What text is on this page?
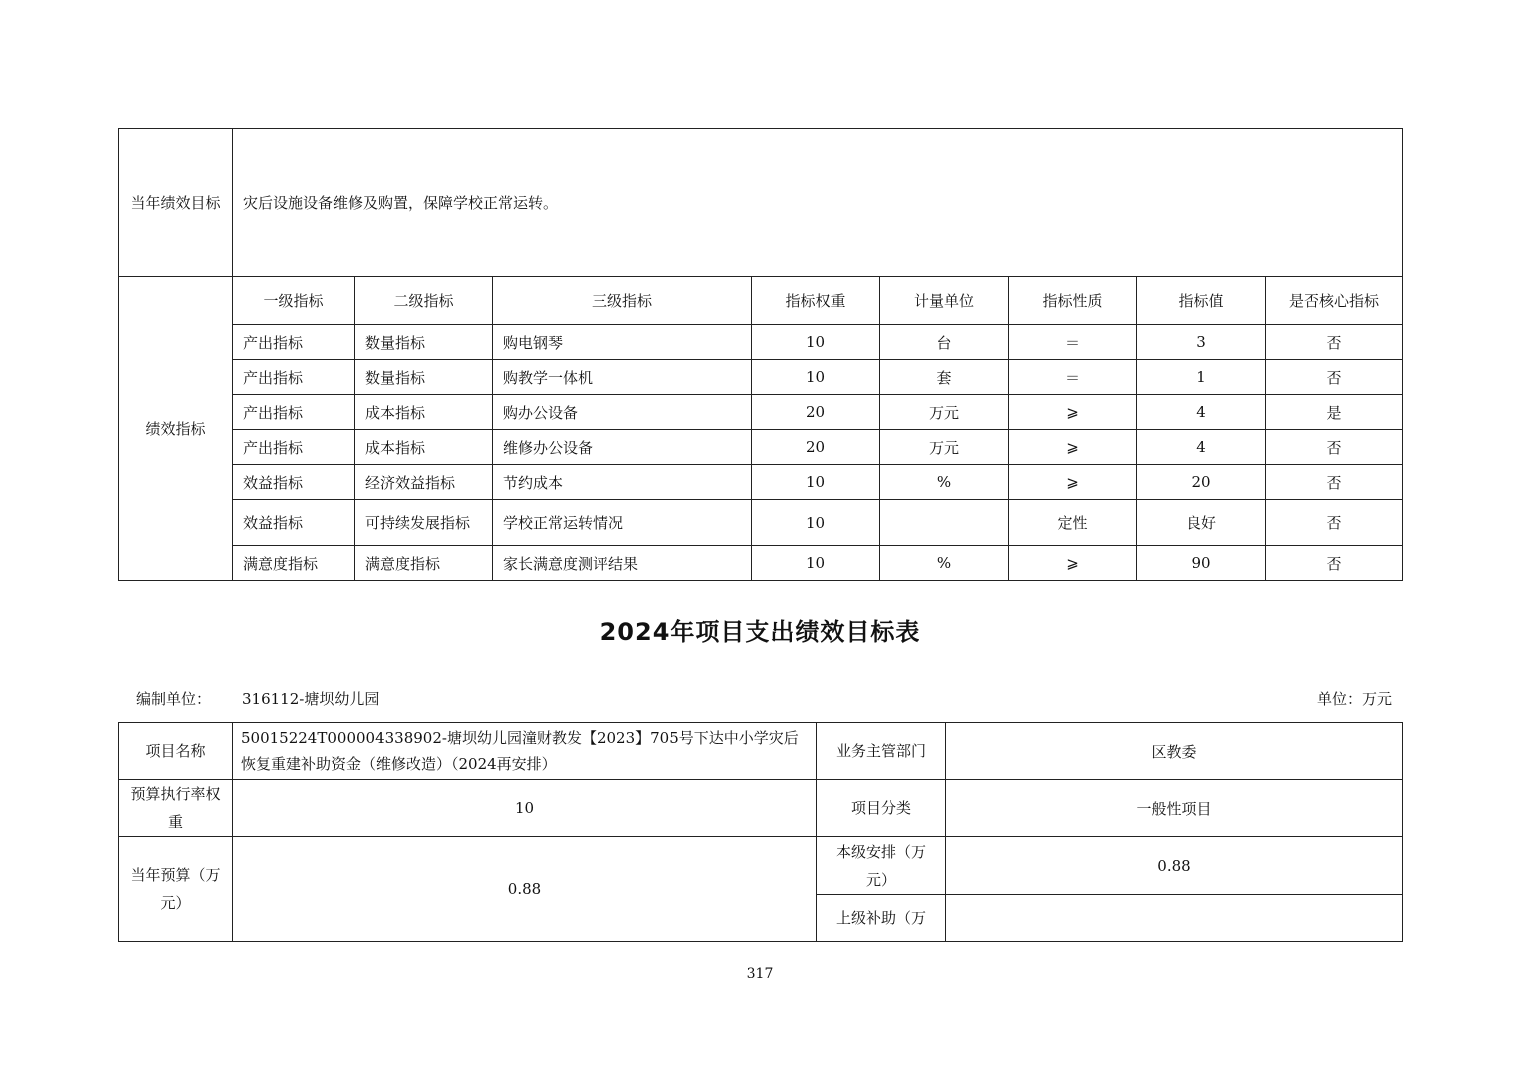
当年绩效目标	灾后设施设备维修及购置，保障学校正常运转。							
绩效指标	一级指标	二级指标	三级指标	指标权重	计量单位	指标性质	指标值	是否核心指标
	产出指标	数量指标	购电钢琴	10	台	＝	3	否
	产出指标	数量指标	购教学一体机	10	套	＝	1	否
	产出指标	成本指标	购办公设备	20	万元	⩾	4	是
	产出指标	成本指标	维修办公设备	20	万元	⩾	4	否
	效益指标	经济效益指标	节约成本	10	%	⩾	20	否
	效益指标	可持续发展指标	学校正常运转情况	10		定性	良好	否
	满意度指标	满意度指标	家长满意度测评结果	10	%	⩾	90	否
2024年项目支出绩效目标表
编制单位： 316112-塘坝幼儿园	单位：万元
项目名称	50015224T000004338902-塘坝幼儿园潼财教发【2023】705号下达中小学灾后恢复重建补助资金（维修改造）（2024再安排）	业务主管部门	区教委
预算执行率权重	10	项目分类	一般性项目
当年预算（万元）	0.88	本级安排（万元）	0.88
		上级补助（万	
317
